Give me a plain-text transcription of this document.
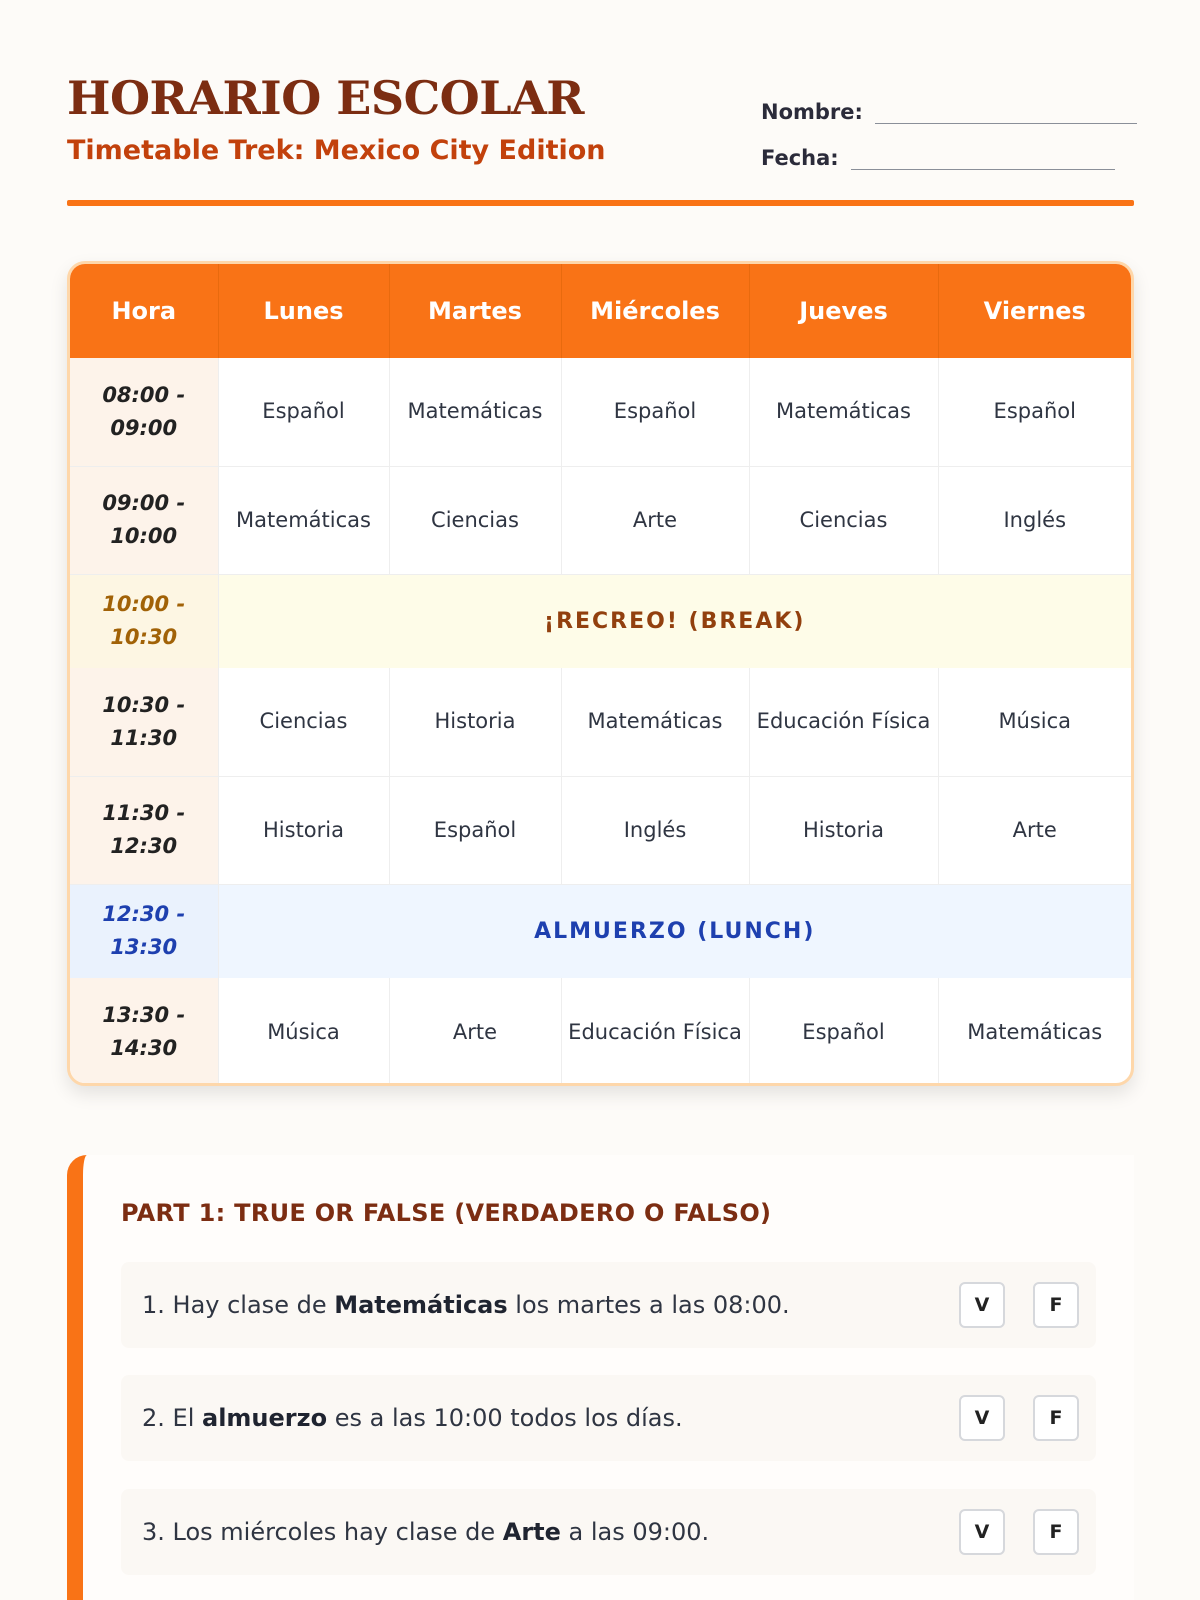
HORARIO ESCOLAR
Timetable Trek: Mexico City Edition
Nombre:
Fecha:
Hora	Lunes	Martes	Miércoles	Jueves	Viernes
08:00 -
09:00	Español	Matemáticas	Español	Matemáticas	Español
09:00 -
10:00	Matemáticas	Ciencias	Arte	Ciencias	Inglés
10:00 -
10:30	¡RECREO! (BREAK)				
10:30 -
11:30	Ciencias	Historia	Matemáticas	Educación Física	Música
11:30 -
12:30	Historia	Español	Inglés	Historia	Arte
12:30 -
13:30	ALMUERZO (LUNCH)				
13:30 -
14:30	Música	Arte	Educación Física	Español	Matemáticas
PART 1: TRUE OR FALSE (VERDADERO O FALSO)
1. Hay clase de Matemáticas los martes a las 08:00.	V	F
2. El almuerzo es a las 10:00 todos los días.	V	F
3. Los miércoles hay clase de Arte a las 09:00.	V	F
